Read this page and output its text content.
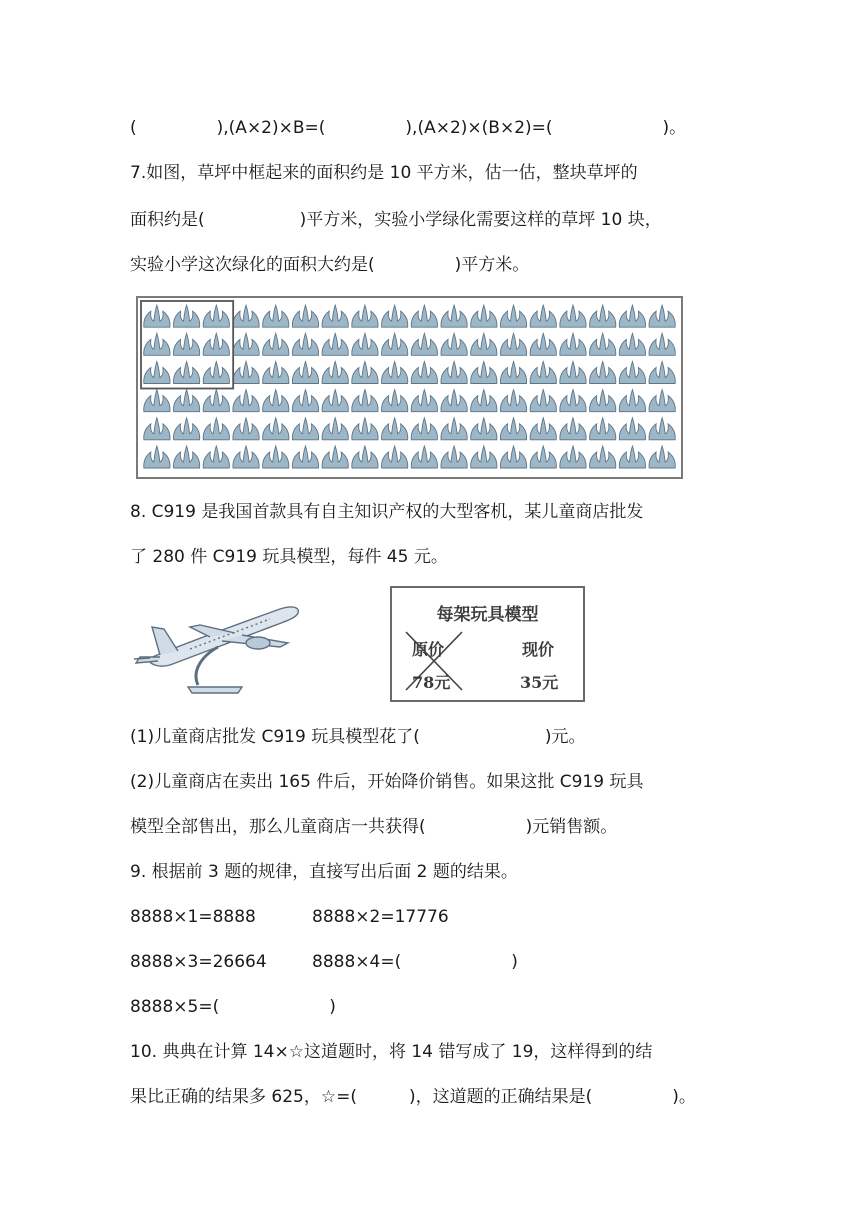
(	),(A×2)×B=(	),(A×2)×(B×2)=(	)。
7.如图，草坪中框起来的面积约是 10 平方米，估一估，整块草坪的
面积约是(	)平方米，实验小学绿化需要这样的草坪 10 块，
实验小学这次绿化的面积大约是(	)平方米。
8. C919 是我国首款具有自主知识产权的大型客机，某儿童商店批发
了 280 件 C919 玩具模型，每件 45 元。
每架玩具模型
原价
78元
现价
35元
(1)儿童商店批发 C919 玩具模型花了(	)元。
(2)儿童商店在卖出 165 件后，开始降价销售。如果这批 C919 玩具
模型全部售出，那么儿童商店一共获得(	)元销售额。
9. 根据前 3 题的规律，直接写出后面 2 题的结果。
8888×1=8888	8888×2=17776
8888×3=26664	8888×4=(	)
8888×5=(	)
10. 典典在计算 14×☆这道题时，将 14 错写成了 19，这样得到的结
果比正确的结果多 625，☆=(	)，这道题的正确结果是(	)。
